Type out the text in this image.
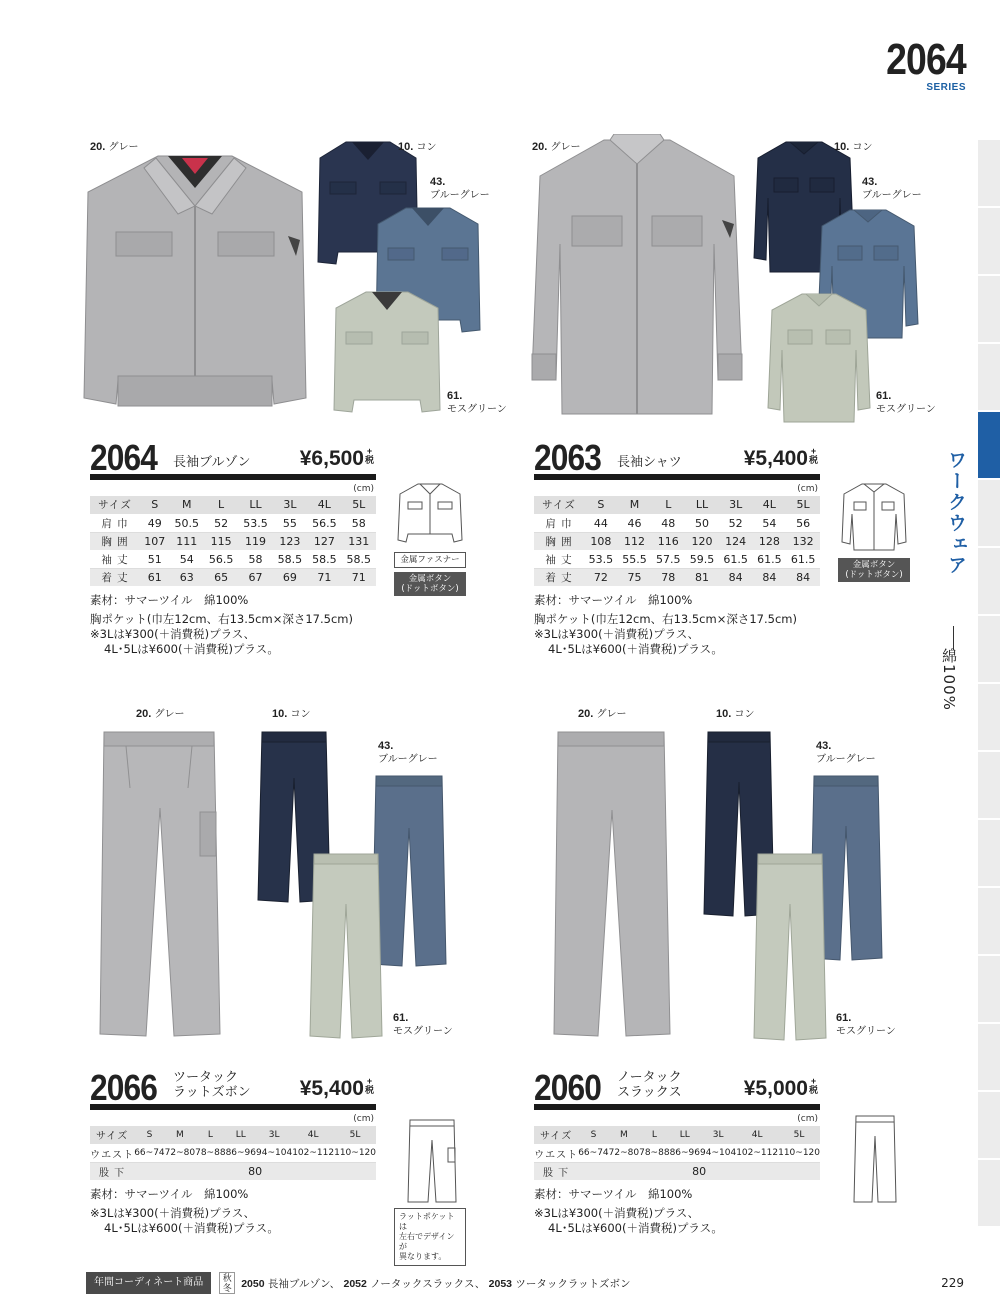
2064
SERIES
ワークウェア
綿100%
20. グレー	10. コン
43.
ブルーグレー
61.
モスグリーン
20. グレー	10. コン
43.
ブルーグレー
61.
モスグリーン
2064 長袖ブルゾン ¥6,500 +
税
(cm)
サイズ	S	M	L	LL	3L	4L	5L
肩 巾	49	50.5	52	53.5	55	56.5	58
胸 囲	107	111	115	119	123	127	131
袖 丈	51	54	56.5	58	58.5	58.5	58.5
着 丈	61	63	65	67	69	71	71
素材：サマーツイル　綿100%
胸ポケット(巾左12cm、右13.5cm×深さ17.5cm)
※3Lは¥300(＋消費税)プラス、
4L･5Lは¥600(＋消費税)プラス。
金属ファスナー
金属ボタン
(ドットボタン)
2063 長袖シャツ	¥5,400 +
税
(cm)
サイズ	S	M	L	LL	3L	4L	5L
肩 巾	44	46	48	50	52	54	56
胸 囲	108	112	116	120	124	128	132
袖 丈	53.5	55.5	57.5	59.5	61.5	61.5	61.5
着 丈	72	75	78	81	84	84	84
素材：サマーツイル　綿100%
胸ポケット(巾左12cm、右13.5cm×深さ17.5cm)
※3Lは¥300(＋消費税)プラス、
4L･5Lは¥600(＋消費税)プラス。
金属ボタン
(ドットボタン)
20. グレー	10. コン
43.
ブルーグレー
61.
モスグリーン
20. グレー	10. コン
43.
ブルーグレー
61.
モスグリーン
2066 ツータック
ラットズボン ¥5,400 +
税
(cm)
サイズ	S	M	L	LL	3L	4L	5L
ウエスト	66~74	72~80	78~88	86~96	94~104	102~112	110~120
股 下	80						
素材：サマーツイル　綿100%
※3Lは¥300(＋消費税)プラス、
4L･5Lは¥600(＋消費税)プラス。
ラットポケットは
左右でデザインが
異なります。
2060 ノータック
スラックス	¥5,000 +
税
(cm)
サイズ	S	M	L	LL	3L	4L	5L
ウエスト	66~74	72~80	78~88	86~96	94~104	102~112	110~120
股 下	80						
素材：サマーツイル　綿100%
※3Lは¥300(＋消費税)プラス、
4L･5Lは¥600(＋消費税)プラス。
年間コーディネート商品	秋
冬 2050 長袖ブルゾン、 2052 ノータックスラックス、 2053 ツータックラットズボン	229
